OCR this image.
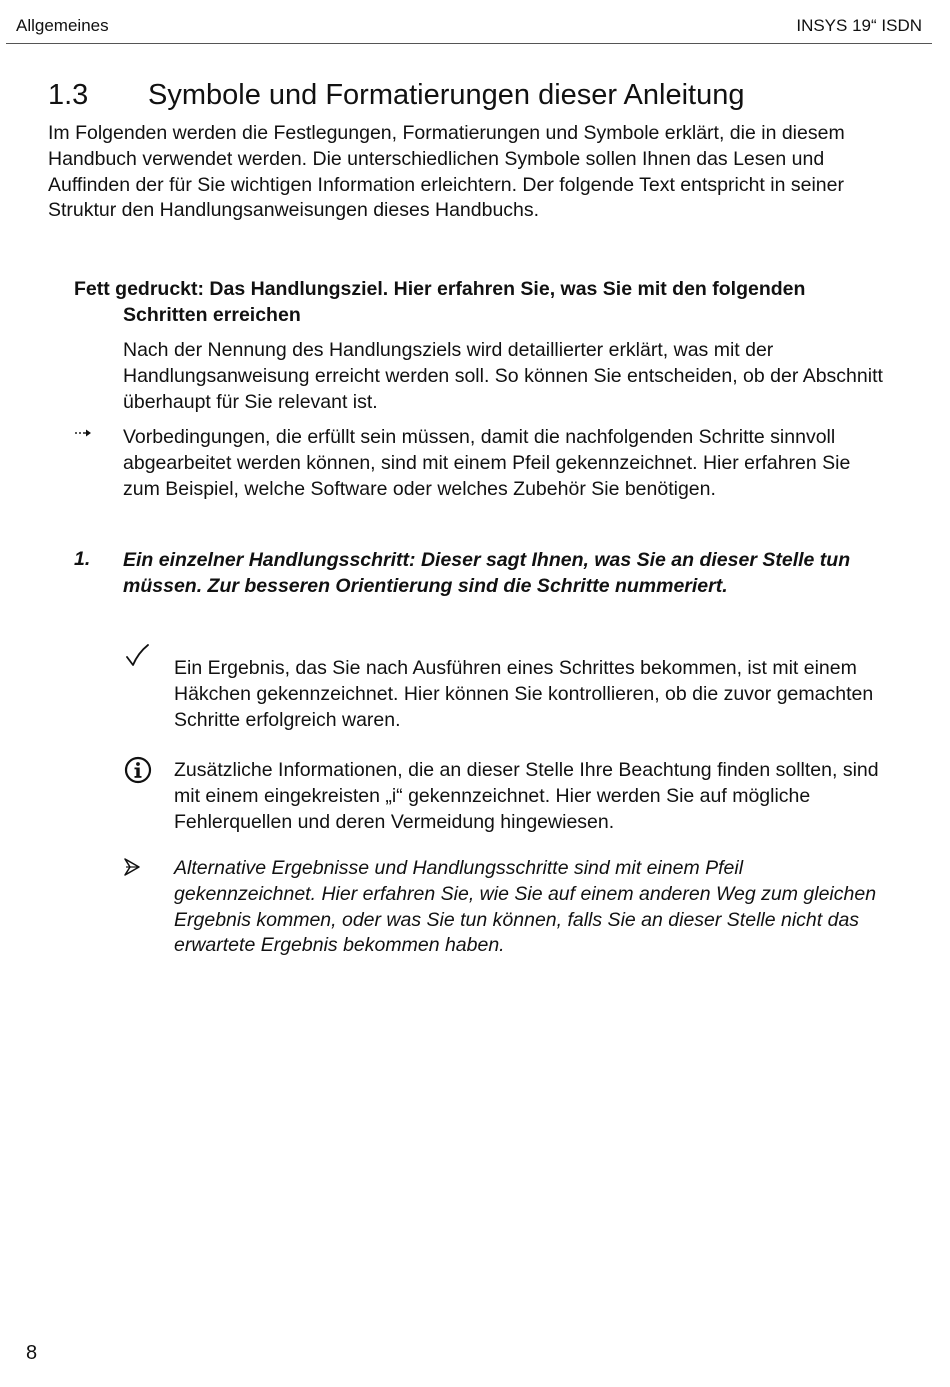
Allgemeines	INSYS 19“ ISDN
1.3 Symbole und Formatierungen dieser Anleitung

Im Folgenden werden die Festlegungen, Formatierungen und Symbole erklärt, die in diesem Handbuch verwendet werden. Die unterschiedlichen Symbole sollen Ihnen das Lesen und Auffinden der für Sie wichtigen Information erleichtern. Der folgende Text entspricht in seiner Struktur den Handlungsanweisungen dieses Handbuchs.

Fett gedruckt: Das Handlungsziel. Hier erfahren Sie, was Sie mit den folgenden Schritten erreichen

Nach der Nennung des Handlungsziels wird detaillierter erklärt, was mit der Handlungsanweisung erreicht werden soll. So können Sie entscheiden, ob der Abschnitt überhaupt für Sie relevant ist.

Vorbedingungen, die erfüllt sein müssen, damit die nachfolgenden Schritte sinnvoll abgearbeitet werden können, sind mit einem Pfeil gekennzeichnet. Hier erfahren Sie zum Beispiel, welche Software oder welches Zubehör Sie benötigen.

1. Ein einzelner Handlungsschritt: Dieser sagt Ihnen, was Sie an dieser Stelle tun müssen. Zur besseren Orientierung sind die Schritte nummeriert.

Ein Ergebnis, das Sie nach Ausführen eines Schrittes bekommen, ist mit einem Häkchen gekennzeichnet. Hier können Sie kontrollieren, ob die zuvor gemachten Schritte erfolgreich waren.

Zusätzliche Informationen, die an dieser Stelle Ihre Beachtung finden sollten, sind mit einem eingekreisten „i“ gekennzeichnet. Hier werden Sie auf mögliche Fehlerquellen und deren Vermeidung hingewiesen.

Alternative Ergebnisse und Handlungsschritte sind mit einem Pfeil gekennzeichnet. Hier erfahren Sie, wie Sie auf einem anderen Weg zum gleichen Ergebnis kommen, oder was Sie tun können, falls Sie an dieser Stelle nicht das erwartete Ergebnis bekommen haben.

8
